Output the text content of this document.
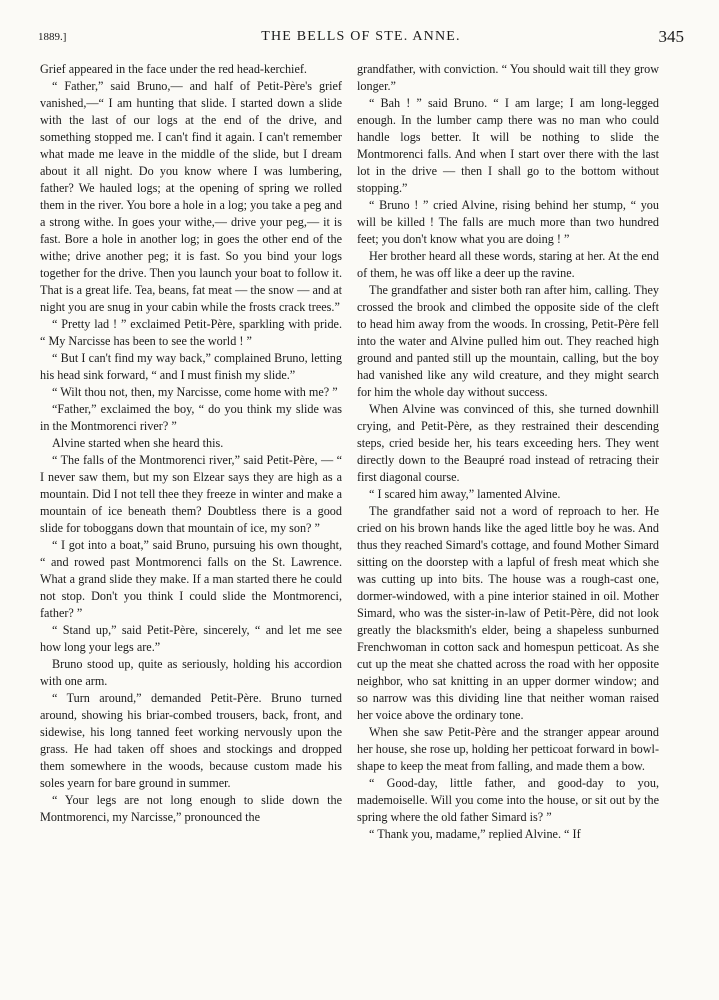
1889.]	THE BELLS OF STE. ANNE.	345

Grief appeared in the face under the red head-kerchief.

“ Father,” said Bruno,— and half of Petit-Père's grief vanished,—“ I am hunting that slide. I started down a slide with the last of our logs at the end of the drive, and something stopped me. I can't find it again. I can't remember what made me leave in the middle of the slide, but I dream about it all night. Do you know where I was lumbering, father? We hauled logs; at the opening of spring we rolled them in the river. You bore a hole in a log; you take a peg and a strong withe. In goes your withe,— drive your peg,— it is fast. Bore a hole in another log; in goes the other end of the withe; drive another peg; it is fast. So you bind your logs together for the drive. Then you launch your boat to follow it. That is a great life. Tea, beans, fat meat — the snow — and at night you are snug in your cabin while the frosts crack trees.”

“ Pretty lad ! ” exclaimed Petit-Père, sparkling with pride. “ My Narcisse has been to see the world ! ”

“ But I can't find my way back,” complained Bruno, letting his head sink forward, “ and I must finish my slide.”

“ Wilt thou not, then, my Narcisse, come home with me? ”

“Father,” exclaimed the boy, “ do you think my slide was in the Montmorenci river? ”

Alvine started when she heard this.

“ The falls of the Montmorenci river,” said Petit-Père, — “ I never saw them, but my son Elzear says they are high as a mountain. Did I not tell thee they freeze in winter and make a mountain of ice beneath them? Doubtless there is a good slide for toboggans down that mountain of ice, my son? ”

“ I got into a boat,” said Bruno, pursuing his own thought, “ and rowed past Montmorenci falls on the St. Lawrence. What a grand slide they make. If a man started there he could not stop. Don't you think I could slide the Montmorenci, father? ”

“ Stand up,” said Petit-Père, sincerely, “ and let me see how long your legs are.”

Bruno stood up, quite as seriously, holding his accordion with one arm.

“ Turn around,” demanded Petit-Père. Bruno turned around, showing his briar-combed trousers, back, front, and sidewise, his long tanned feet working nervously upon the grass. He had taken off shoes and stockings and dropped them somewhere in the woods, because custom made his soles yearn for bare ground in summer.

“ Your legs are not long enough to slide down the Montmorenci, my Narcisse,” pronounced the

grandfather, with conviction. “ You should wait till they grow longer.”

“ Bah ! ” said Bruno. “ I am large; I am long-legged enough. In the lumber camp there was no man who could handle logs better. It will be nothing to slide the Montmorenci falls. And when I start over there with the last lot in the drive — then I shall go to the bottom without stopping.”

“ Bruno ! ” cried Alvine, rising behind her stump, “ you will be killed ! The falls are much more than two hundred feet; you don't know what you are doing ! ”

Her brother heard all these words, staring at her. At the end of them, he was off like a deer up the ravine.

The grandfather and sister both ran after him, calling. They crossed the brook and climbed the opposite side of the cleft to head him away from the woods. In crossing, Petit-Père fell into the water and Alvine pulled him out. They reached high ground and panted still up the mountain, calling, but the boy had vanished like any wild creature, and they might search for him the whole day without success.

When Alvine was convinced of this, she turned downhill crying, and Petit-Père, as they restrained their descending steps, cried beside her, his tears exceeding hers. They went directly down to the Beaupré road instead of retracing their first diagonal course.

“ I scared him away,” lamented Alvine.

The grandfather said not a word of reproach to her. He cried on his brown hands like the aged little boy he was. And thus they reached Simard's cottage, and found Mother Simard sitting on the doorstep with a lapful of fresh meat which she was cutting up into bits. The house was a rough-cast one, dormer-windowed, with a pine interior stained in oil. Mother Simard, who was the sister-in-law of Petit-Père, did not look greatly the blacksmith's elder, being a shapeless sunburned Frenchwoman in cotton sack and homespun petticoat. As she cut up the meat she chatted across the road with her opposite neighbor, who sat knitting in an upper dormer window; and so narrow was this dividing line that neither woman raised her voice above the ordinary tone.

When she saw Petit-Père and the stranger appear around her house, she rose up, holding her petticoat forward in bowl-shape to keep the meat from falling, and made them a bow.

“ Good-day, little father, and good-day to you, mademoiselle. Will you come into the house, or sit out by the spring where the old father Simard is? ”

“ Thank you, madame,” replied Alvine. “ If
